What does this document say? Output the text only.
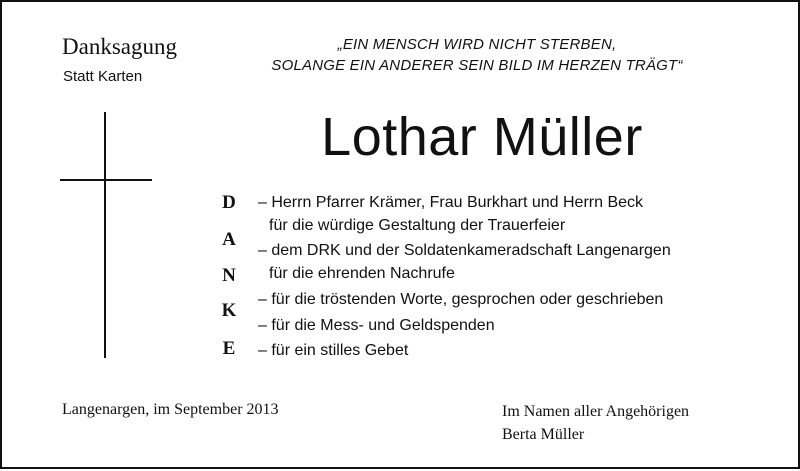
Danksagung
Statt Karten
„EIN MENSCH WIRD NICHT STERBEN,
SOLANGE EIN ANDERER SEIN BILD IM HERZEN TRÄGT“
Lothar Müller
D
A
N
K
E
– Herrn Pfarrer Krämer, Frau Burkhart und Herrn Beck
für die würdige Gestaltung der Trauerfeier
– dem DRK und der Soldatenkameradschaft Langenargen
für die ehrenden Nachrufe
– für die tröstenden Worte, gesprochen oder geschrieben
– für die Mess- und Geldspenden
– für ein stilles Gebet
Langenargen, im September 2013	Im Namen aller Angehörigen
Berta Müller
